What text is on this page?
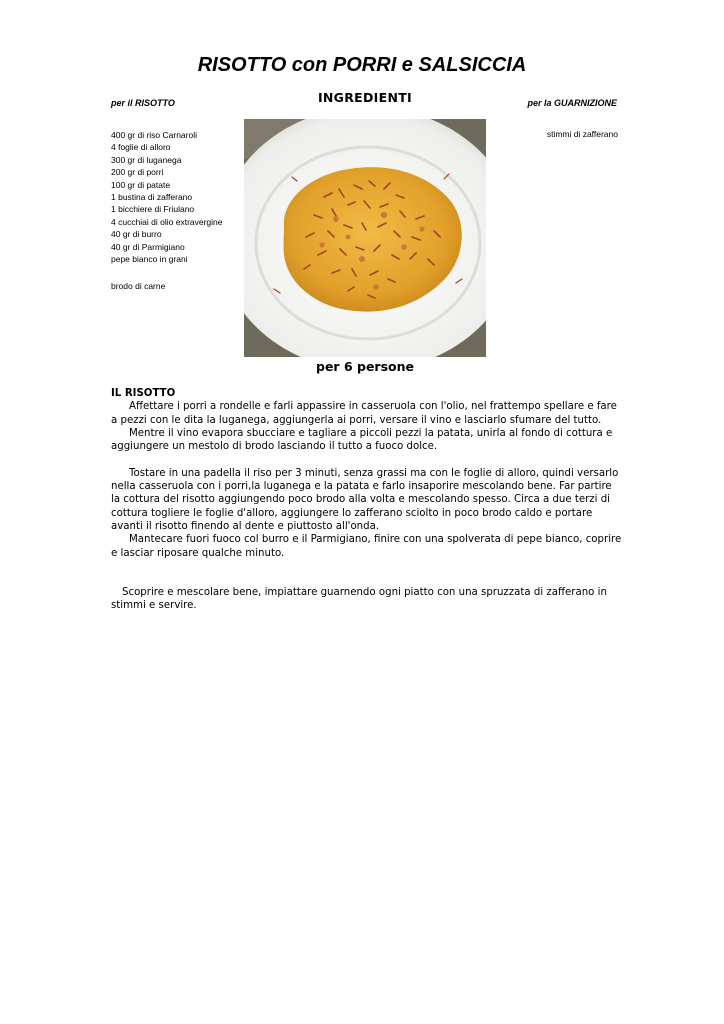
RISOTTO con PORRI e SALSICCIA
INGREDIENTI
per il RISOTTO	per la GUARNIZIONE
400 gr di riso Carnaroli
4 foglie di alloro
300 gr di luganega
200 gr di porri
100 gr di patate
1 bustina di zafferano
1 bicchiere di Friulano
4 cucchiai di olio extravergine
40 gr di burro
40 gr di Parmigiano
pepe bianco in grani
brodo di carne
stimmi di zafferano
per 6 persone

IL RISOTTO

Affettare i porri a rondelle e farli appassire in casseruola con l'olio, nel frattempo spellare e fare a pezzi con le dita la luganega, aggiungerla ai porri, versare il vino e lasciarlo sfumare del tutto.

Mentre il vino evapora sbucciare e tagliare a piccoli pezzi la patata, unirla al fondo di cottura e aggiungere un mestolo di brodo lasciando il tutto a fuoco dolce.

Tostare in una padella il riso per 3 minuti, senza grassi ma con le foglie di alloro, quindi versarlo nella casseruola con i porri,la luganega e la patata e farlo insaporire mescolando bene. Far partire la cottura del risotto aggiungendo poco brodo alla volta e mescolando spesso. Circa a due terzi di cottura togliere le foglie d'alloro, aggiungere lo zafferano sciolto in poco brodo caldo e portare avanti il risotto finendo al dente e piuttosto all'onda.

Mantecare fuori fuoco col burro e il Parmigiano, finire con una spolverata di pepe bianco, coprire e lasciar riposare qualche minuto.

Scoprire e mescolare bene, impiattare guarnendo ogni piatto con una spruzzata di zafferano in stimmi e servire.
